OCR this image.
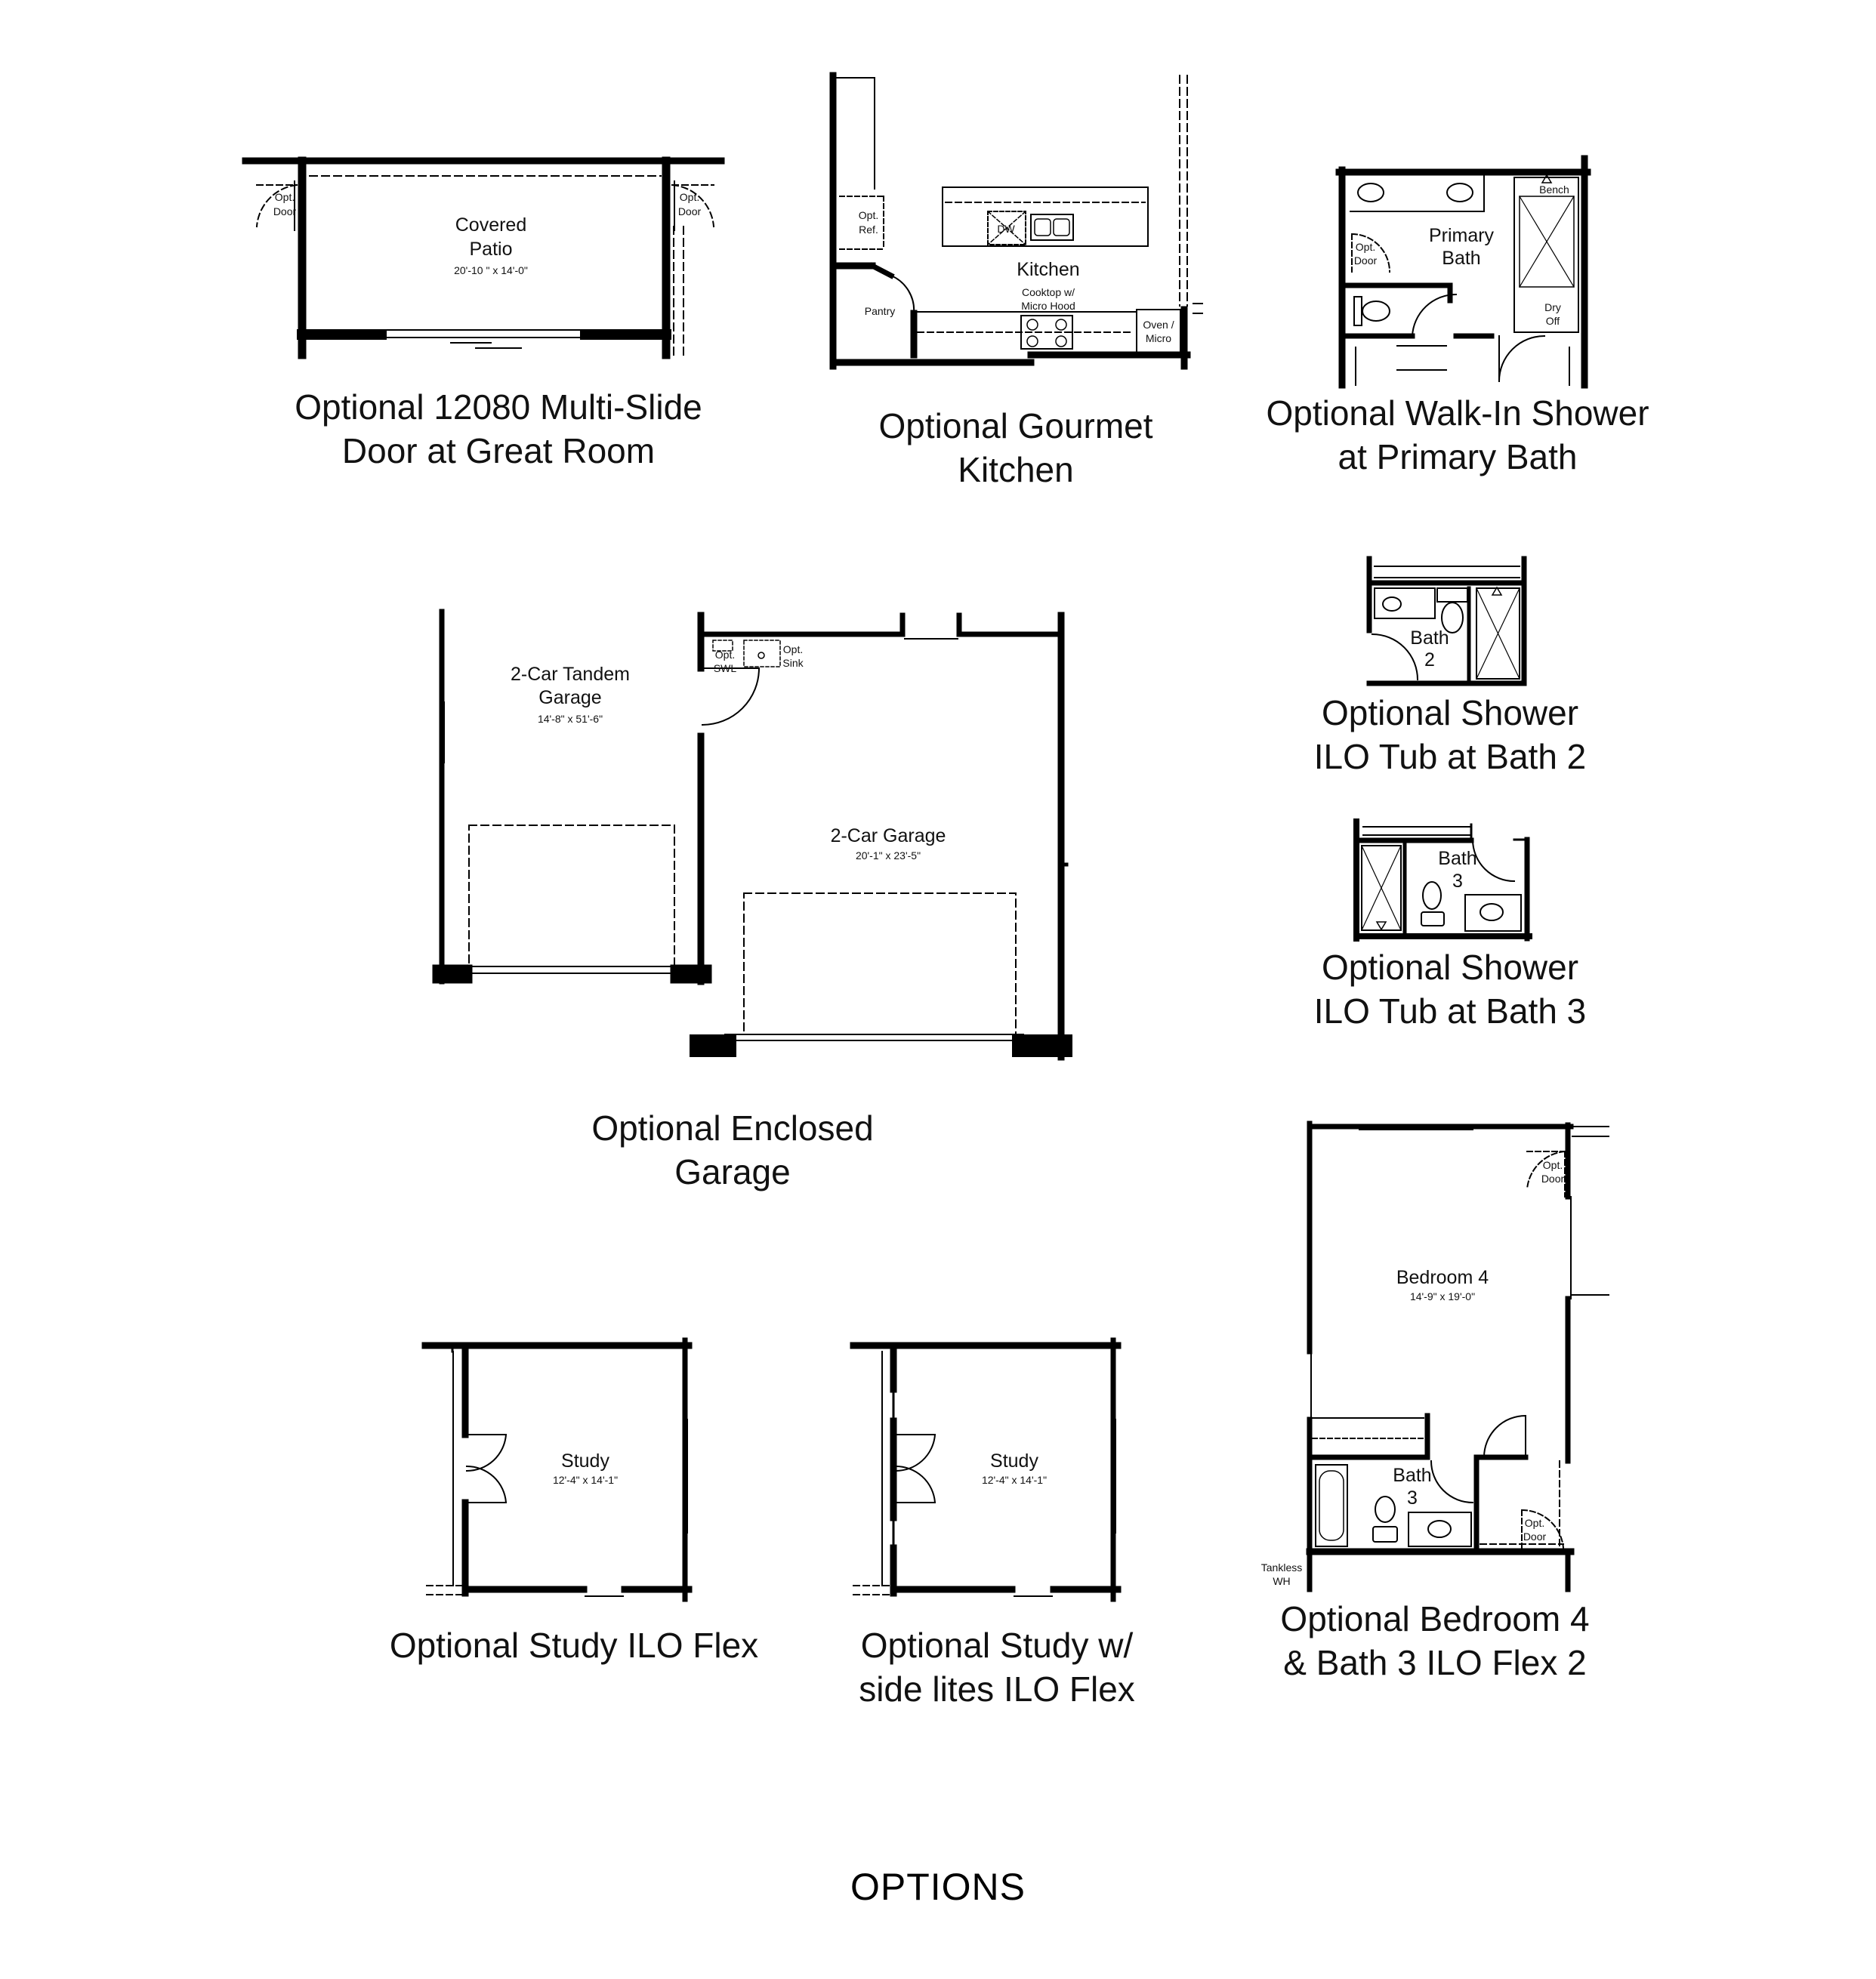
Covered
Patio
20'-10 " x 14'-0"
Opt.
Door
Opt.
Door
Kitchen
Opt.
Ref.	DW
Cooktop w/
Micro Hood
Pantry
Oven /
Micro
Primary
Bath
Opt.
Door
Bench
Dry
Off
Bath
2
Bath
3
2-Car Tandem
Garage
14'-8" x 51'-6"
2-Car Garage
20'-1" x 23'-5"
Opt.
SWL
Opt.
Sink
Study
12'-4" x 14'-1"
Study
12'-4" x 14'-1"
Bedroom 4
14'-9" x 19'-0"
Bath
3
Opt.
Door
Opt.
Door
Tankless
WH
Optional 12080 Multi-Slide
Door at Great Room
Optional Gourmet
Kitchen
Optional Walk-In Shower
at Primary Bath
Optional Shower
ILO Tub at Bath 2
Optional Shower
ILO Tub at Bath 3
Optional Enclosed
Garage
Optional Study ILO Flex	Optional Study w/
side lites ILO Flex
Optional Bedroom 4
& Bath 3 ILO Flex 2
OPTIONS
